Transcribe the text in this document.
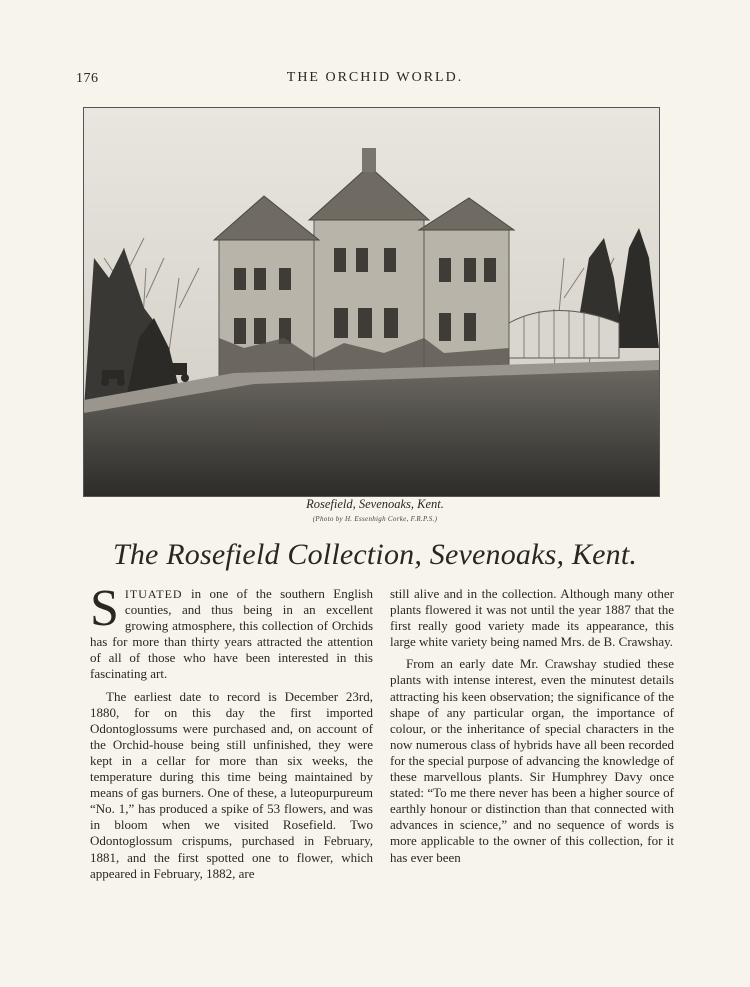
176	THE ORCHID WORLD.
Rosefield, Sevenoaks, Kent.
(Photo by H. Essenhigh Corke, F.R.P.S.)
The Rosefield Collection, Sevenoaks, Kent.

SITUATED in one of the southern English counties, and thus being in an excellent growing atmosphere, this collection of Orchids has for more than thirty years attracted the attention of all of those who have been interested in this fascinating art.

The earliest date to record is December 23rd, 1880, for on this day the first imported Odontoglossums were purchased and, on account of the Orchid-house being still unfinished, they were kept in a cellar for more than six weeks, the temperature during this time being maintained by means of gas burners. One of these, a luteopurpureum “No. 1,” has produced a spike of 53 flowers, and was in bloom when we visited Rosefield. Two Odontoglossum crispums, purchased in February, 1881, and the first spotted one to flower, which appeared in February, 1882, are

still alive and in the collection. Although many other plants flowered it was not until the year 1887 that the first really good variety made its appearance, this large white variety being named Mrs. de B. Crawshay.

From an early date Mr. Crawshay studied these plants with intense interest, even the minutest details attracting his keen observation; the significance of the shape of any particular organ, the importance of colour, or the inheritance of special characters in the now numerous class of hybrids have all been recorded for the special purpose of advancing the knowledge of these marvellous plants. Sir Humphrey Davy once stated: “To me there never has been a higher source of earthly honour or distinction than that connected with advances in science,” and no sequence of words is more applicable to the owner of this collection, for it has ever been
